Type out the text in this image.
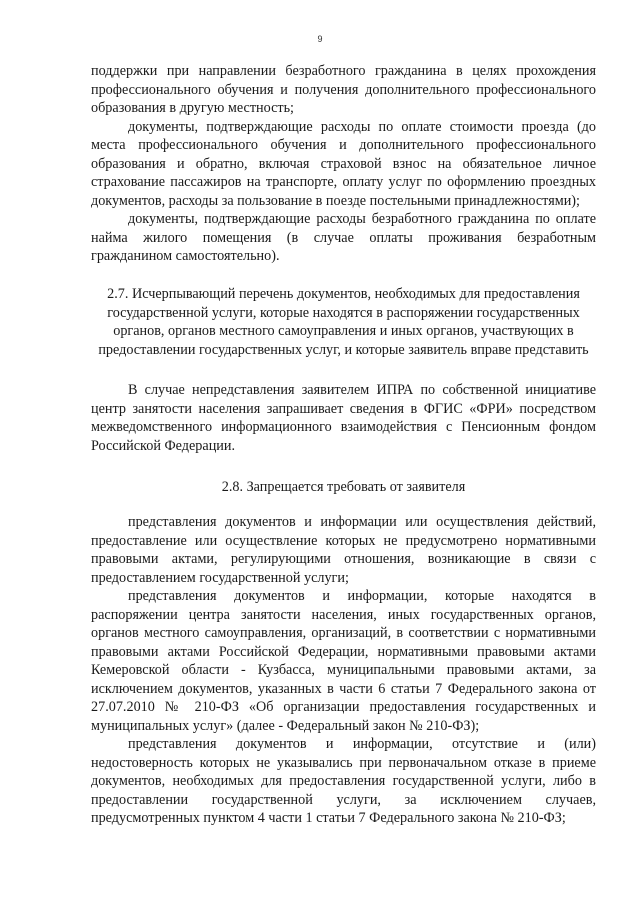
9

поддержки при направлении безработного гражданина в целях прохождения профессионального обучения и получения дополнительного профессионального образования в другую местность;

документы, подтверждающие расходы по оплате стоимости проезда (до места профессионального обучения и дополнительного профессионального образования и обратно, включая страховой взнос на обязательное личное страхование пассажиров на транспорте, оплату услуг по оформлению проездных документов, расходы за пользование в поезде постельными принадлежностями);

документы, подтверждающие расходы безработного гражданина по оплате найма жилого помещения (в случае оплаты проживания безработным гражданином самостоятельно).

2.7. Исчерпывающий перечень документов, необходимых для предоставления государственной услуги, которые находятся в распоряжении государственных органов, органов местного самоуправления и иных органов, участвующих в предоставлении государственных услуг, и которые заявитель вправе представить

В случае непредставления заявителем ИПРА по собственной инициативе центр занятости населения запрашивает сведения в ФГИС «ФРИ» посредством межведомственного информационного взаимодействия с Пенсионным фондом Российской Федерации.

2.8. Запрещается требовать от заявителя

представления документов и информации или осуществления действий, предоставление или осуществление которых не предусмотрено нормативными правовыми актами, регулирующими отношения, возникающие в связи с предоставлением государственной услуги;

представления документов и информации, которые находятся в распоряжении центра занятости населения, иных государственных органов, органов местного самоуправления, организаций, в соответствии с нормативными правовыми актами Российской Федерации, нормативными правовыми актами Кемеровской области - Кузбасса, муниципальными правовыми актами, за исключением документов, указанных в части 6 статьи 7 Федерального закона от 27.07.2010 № 210-ФЗ «Об организации предоставления государственных и муниципальных услуг» (далее - Федеральный закон № 210-ФЗ);

представления документов и информации, отсутствие и (или) недостоверность которых не указывались при первоначальном отказе в приеме документов, необходимых для предоставления государственной услуги, либо в предоставлении государственной услуги, за исключением случаев, предусмотренных пунктом 4 части 1 статьи 7 Федерального закона № 210-ФЗ;
